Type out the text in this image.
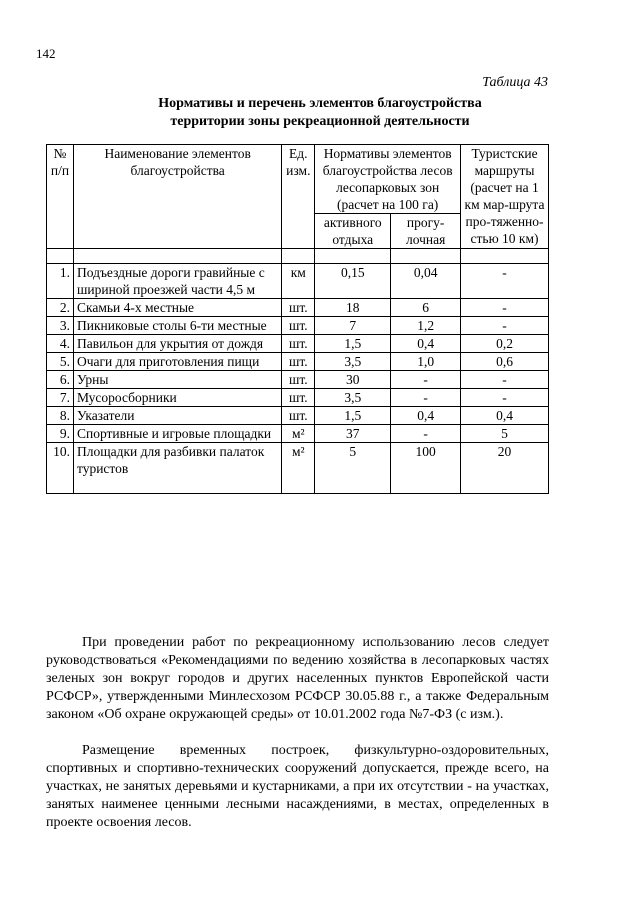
142
Таблица 43
Нормативы и перечень элементов благоустройства
территории зоны рекреационной деятельности
№ п/п	Наименование элементов благоустройства	Ед. изм.	Нормативы элементов благоустройства лесов лесопарковых зон (расчет на 100 га)		Туристские маршруты (расчет на 1 км мар-шрута про-тяженно-стью 10 км)
			активного отдыха	прогу-лочная	

1.	Подъездные дороги гравийные с шириной проезжей части 4,5 м	км	0,15	0,04	-
2.	Скамьи 4-х местные	шт.	18	6	-
3.	Пикниковые столы 6-ти местные	шт.	7	1,2	-
4.	Павильон для укрытия от дождя	шт.	1,5	0,4	0,2
5.	Очаги для приготовления пищи	шт.	3,5	1,0	0,6
6.	Урны	шт.	30	-	-
7.	Мусоросборники	шт.	3,5	-	-
8.	Указатели	шт.	1,5	0,4	0,4
9.	Спортивные и игровые площадки	м²	37	-	5
10.	Площадки для разбивки палаток туристов	м²	5	100	20
При проведении работ по рекреационному использованию лесов следует руководствоваться «Рекомендациями по ведению хозяйства в лесопарковых частях зеленых зон вокруг городов и других населенных пунктов Европейской части РСФСР», утвержденными Минлесхозом РСФСР 30.05.88 г., а также Федеральным законом «Об охране окружающей среды» от 10.01.2002 года №7-ФЗ (с изм.).
Размещение временных построек, физкультурно-оздоровительных, спортивных и спортивно-технических сооружений допускается, прежде всего, на участках, не занятых деревьями и кустарниками, а при их отсутствии - на участках, занятых наименее ценными лесными насаждениями, в местах, определенных в проекте освоения лесов.
